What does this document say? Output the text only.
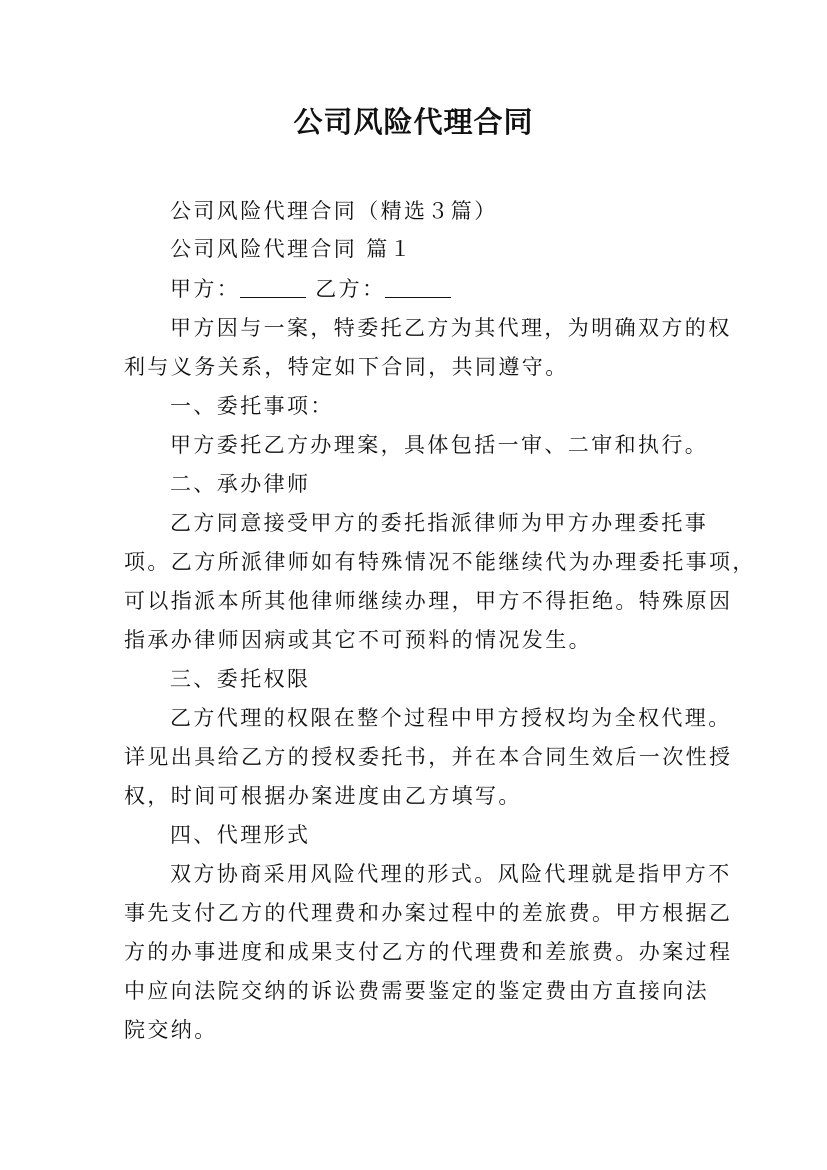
公司风险代理合同
公司风险代理合同（精选３篇）
公司风险代理合同 篇１
甲方：	乙方：
甲方因与一案，特委托乙方为其代理，为明确双方的权
利与义务关系，特定如下合同，共同遵守。
一、委托事项：
甲方委托乙方办理案，具体包括一审、二审和执行。
二、承办律师
乙方同意接受甲方的委托指派律师为甲方办理委托事
项。乙方所派律师如有特殊情况不能继续代为办理委托事项，
可以指派本所其他律师继续办理，甲方不得拒绝。特殊原因
指承办律师因病或其它不可预料的情况发生。
三、委托权限
乙方代理的权限在整个过程中甲方授权均为全权代理。
详见出具给乙方的授权委托书，并在本合同生效后一次性授
权，时间可根据办案进度由乙方填写。
四、代理形式
双方协商采用风险代理的形式。风险代理就是指甲方不
事先支付乙方的代理费和办案过程中的差旅费。甲方根据乙
方的办事进度和成果支付乙方的代理费和差旅费。办案过程
中应向法院交纳的诉讼费需要鉴定的鉴定费由方直接向法
院交纳。
